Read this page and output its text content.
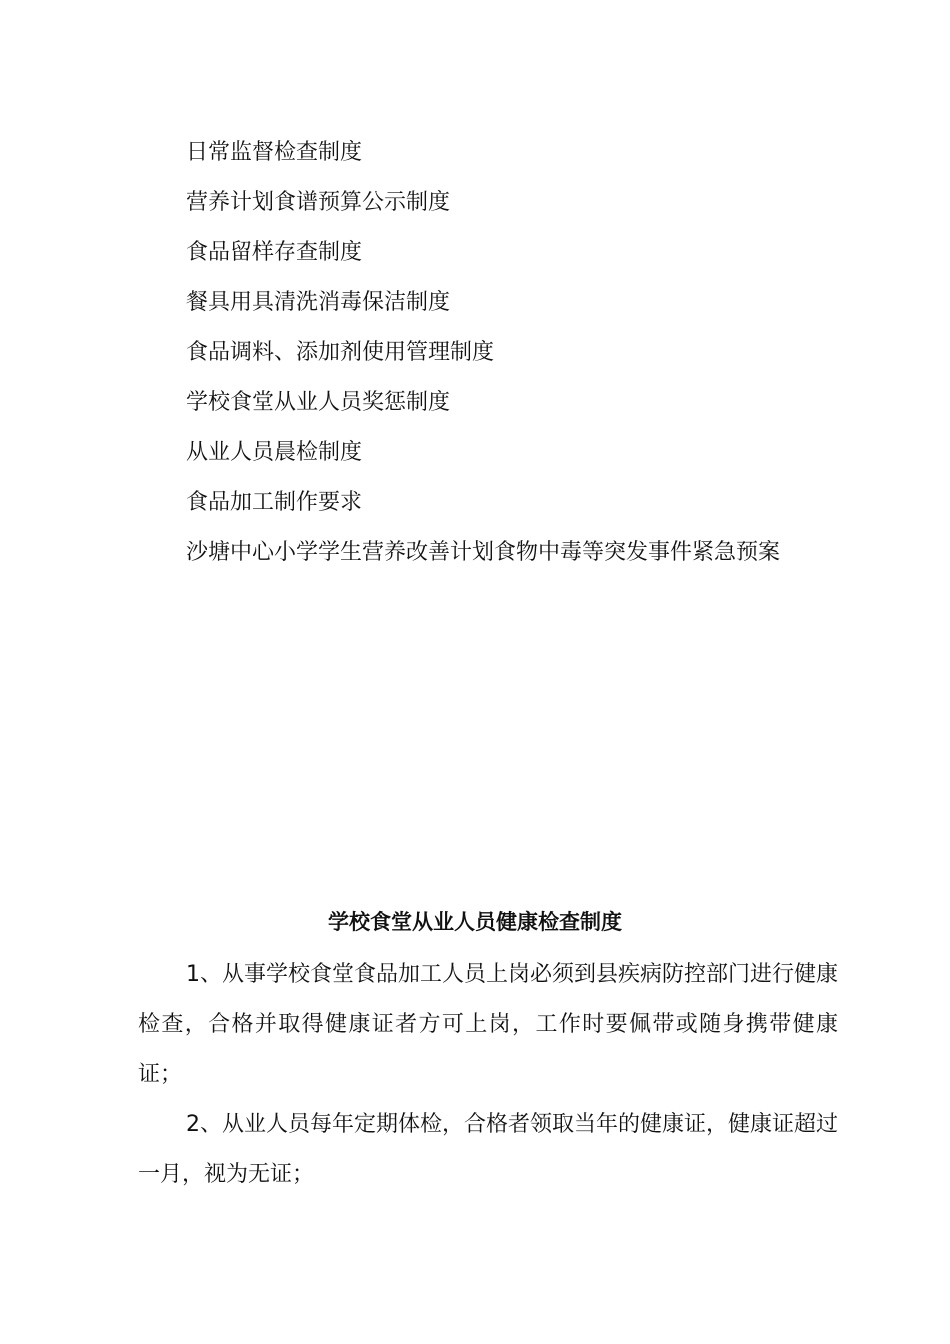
日常监督检查制度
营养计划食谱预算公示制度
食品留样存查制度
餐具用具清洗消毒保洁制度
食品调料、添加剂使用管理制度
学校食堂从业人员奖惩制度
从业人员晨检制度
食品加工制作要求
沙塘中心小学学生营养改善计划食物中毒等突发事件紧急预案
学校食堂从业人员健康检查制度

1、从事学校食堂食品加工人员上岗必须到县疾病防控部门进行健康检查，合格并取得健康证者方可上岗，工作时要佩带或随身携带健康证；

2、从业人员每年定期体检，合格者领取当年的健康证，健康证超过一月，视为无证；
